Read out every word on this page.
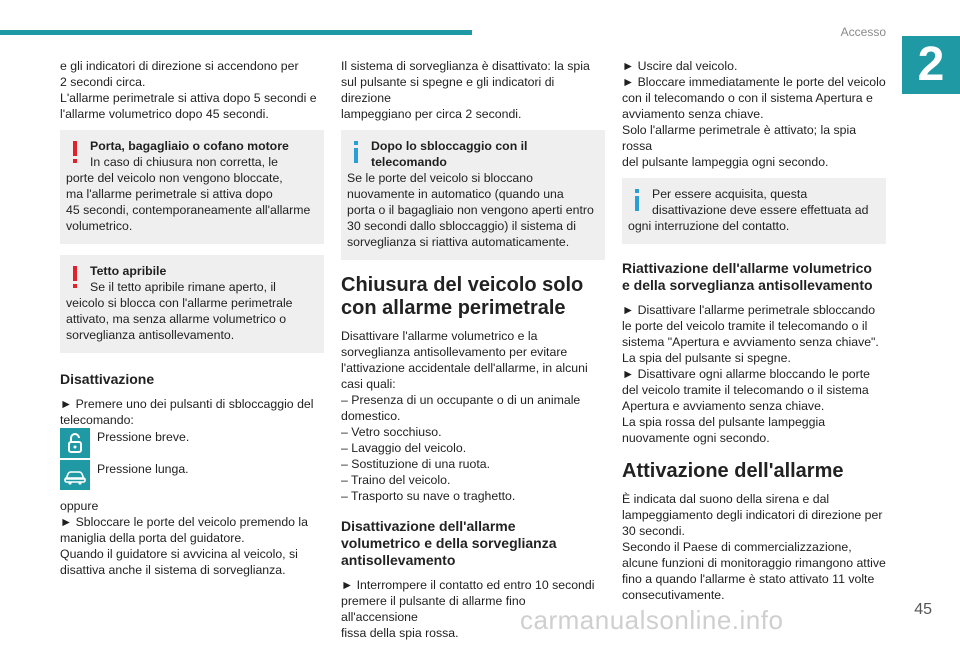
Accesso
2

e gli indicatori di direzione si accendono per
2 secondi circa.
L'allarme perimetrale si attiva dopo 5 secondi e
l'allarme volumetrico dopo 45 secondi.

Porta, bagagliaio o cofano motore
In caso di chiusura non corretta, le
porte del veicolo non vengono bloccate,
ma l'allarme perimetrale si attiva dopo
45 secondi, contemporaneamente all'allarme
volumetrico.
Tetto apribile
Se il tetto apribile rimane aperto, il
veicolo si blocca con l'allarme perimetrale
attivato, ma senza allarme volumetrico o
sorveglianza antisollevamento.
Disattivazione

► Premere uno dei pulsanti di sbloccaggio del
telecomando:

Pressione breve.
Pressione lunga.

oppure
► Sbloccare le porte del veicolo premendo la
maniglia della porta del guidatore.
Quando il guidatore si avvicina al veicolo, si
disattiva anche il sistema di sorveglianza.

Il sistema di sorveglianza è disattivato: la spia
sul pulsante si spegne e gli indicatori di direzione
lampeggiano per circa 2 secondi.

Dopo lo sbloccaggio con il
telecomando
Se le porte del veicolo si bloccano
nuovamente in automatico (quando una
porta o il bagagliaio non vengono aperti entro
30 secondi dallo sbloccaggio) il sistema di
sorveglianza si riattiva automaticamente.
Chiusura del veicolo solo
con allarme perimetrale

Disattivare l'allarme volumetrico e la
sorveglianza antisollevamento per evitare
l'attivazione accidentale dell'allarme, in alcuni
casi quali:
– Presenza di un occupante o di un animale
domestico.
– Vetro socchiuso.
– Lavaggio del veicolo.
– Sostituzione di una ruota.
– Traino del veicolo.
– Trasporto su nave o traghetto.

Disattivazione dell'allarme
volumetrico e della sorveglianza
antisollevamento

► Interrompere il contatto ed entro 10 secondi
premere il pulsante di allarme fino all'accensione
fissa della spia rossa.

► Uscire dal veicolo.
► Bloccare immediatamente le porte del veicolo
con il telecomando o con il sistema Apertura e
avviamento senza chiave.
Solo l'allarme perimetrale è attivato; la spia rossa
del pulsante lampeggia ogni secondo.

Per essere acquisita, questa
disattivazione deve essere effettuata ad
ogni interruzione del contatto.
Riattivazione dell'allarme volumetrico
e della sorveglianza antisollevamento

► Disattivare l'allarme perimetrale sbloccando
le porte del veicolo tramite il telecomando o il
sistema "Apertura e avviamento senza chiave".
La spia del pulsante si spegne.
► Disattivare ogni allarme bloccando le porte
del veicolo tramite il telecomando o il sistema
Apertura e avviamento senza chiave.
La spia rossa del pulsante lampeggia
nuovamente ogni secondo.

Attivazione dell'allarme

È indicata dal suono della sirena e dal
lampeggiamento degli indicatori di direzione per
30 secondi.
Secondo il Paese di commercializzazione,
alcune funzioni di monitoraggio rimangono attive
fino a quando l'allarme è stato attivato 11 volte
consecutivamente.

carmanualsonline.info	45
